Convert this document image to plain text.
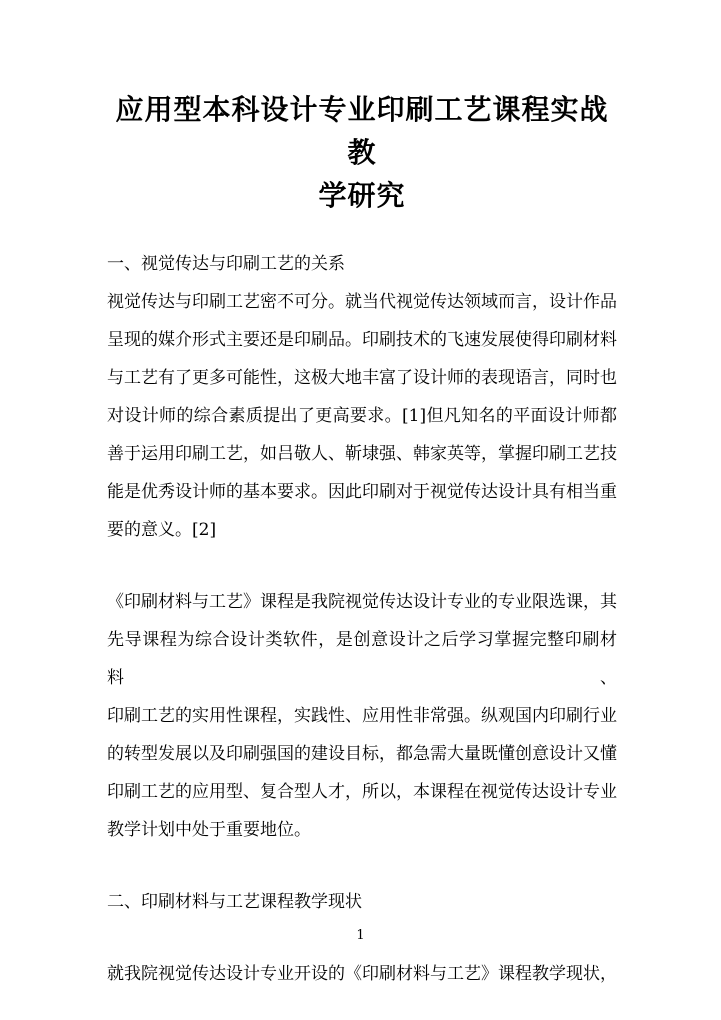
应用型本科设计专业印刷工艺课程实战教
学研究
一、视觉传达与印刷工艺的关系
视觉传达与印刷工艺密不可分。就当代视觉传达领域而言，设计作品
呈现的媒介形式主要还是印刷品。印刷技术的飞速发展使得印刷材料
与工艺有了更多可能性，这极大地丰富了设计师的表现语言，同时也
对设计师的综合素质提出了更高要求。[1]但凡知名的平面设计师都
善于运用印刷工艺，如吕敬人、靳埭强、韩家英等，掌握印刷工艺技
能是优秀设计师的基本要求。因此印刷对于视觉传达设计具有相当重
要的意义。[2]
《印刷材料与工艺》课程是我院视觉传达设计专业的专业限选课，其
先导课程为综合设计类软件，是创意设计之后学习掌握完整印刷材料、
印刷工艺的实用性课程，实践性、应用性非常强。纵观国内印刷行业
的转型发展以及印刷强国的建设目标，都急需大量既懂创意设计又懂
印刷工艺的应用型、复合型人才，所以，本课程在视觉传达设计专业
教学计划中处于重要地位。
二、印刷材料与工艺课程教学现状
就我院视觉传达设计专业开设的《印刷材料与工艺》课程教学现状，
1
